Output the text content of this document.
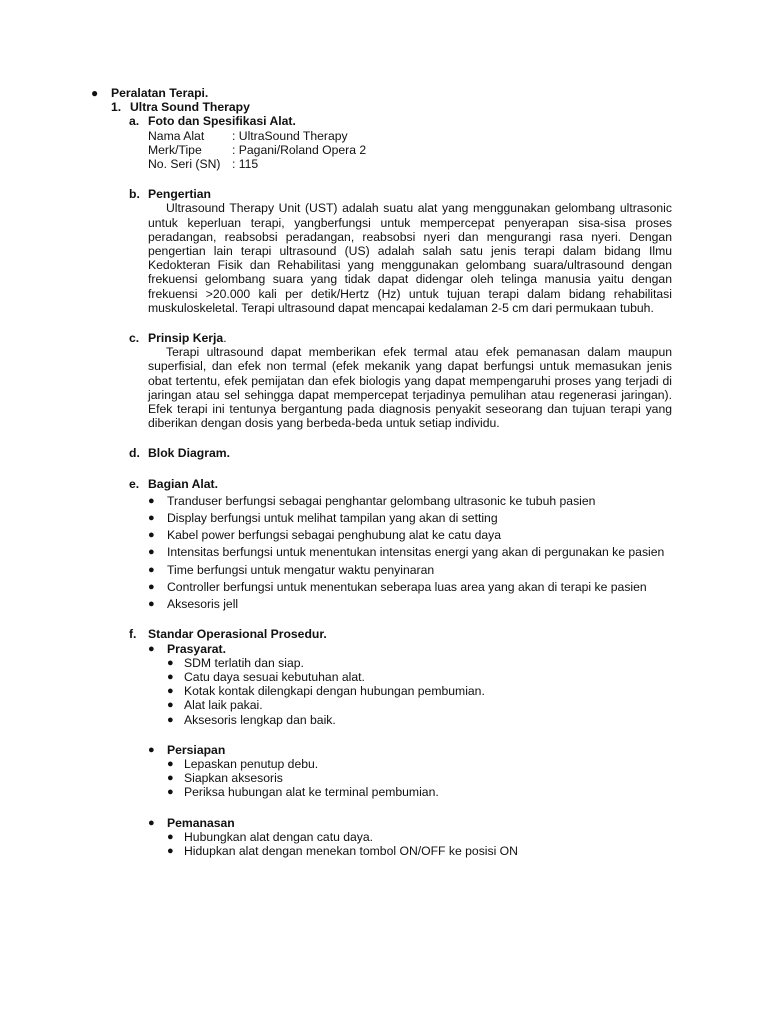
● Peralatan Terapi.
1. Ultra Sound Therapy
a. Foto dan Spesifikasi Alat.
Nama Alat : UltraSound Therapy
Merk/Tipe : Pagani/Roland Opera 2
No. Seri (SN) : 115
b. Pengertian
Ultrasound Therapy Unit (UST) adalah suatu alat yang menggunakan gelombang ultrasonic untuk keperluan terapi, yangberfungsi untuk mempercepat penyerapan sisa-sisa proses peradangan, reabsobsi peradangan, reabsobsi nyeri dan mengurangi rasa nyeri. Dengan pengertian lain terapi ultrasound (US) adalah salah satu jenis terapi dalam bidang Ilmu Kedokteran Fisik dan Rehabilitasi yang menggunakan gelombang suara/ultrasound dengan frekuensi gelombang suara yang tidak dapat didengar oleh telinga manusia yaitu dengan frekuensi >20.000 kali per detik/Hertz (Hz) untuk tujuan terapi dalam bidang rehabilitasi muskuloskeletal. Terapi ultrasound dapat mencapai kedalaman 2-5 cm dari permukaan tubuh.
c. Prinsip Kerja.
Terapi ultrasound dapat memberikan efek termal atau efek pemanasan dalam maupun superfisial, dan efek non termal (efek mekanik yang dapat berfungsi untuk memasukan jenis obat tertentu, efek pemijatan dan efek biologis yang dapat mempengaruhi proses yang terjadi di jaringan atau sel sehingga dapat mempercepat terjadinya pemulihan atau regenerasi jaringan). Efek terapi ini tentunya bergantung pada diagnosis penyakit seseorang dan tujuan terapi yang diberikan dengan dosis yang berbeda-beda untuk setiap individu.
d. Blok Diagram.
e. Bagian Alat.
● Tranduser berfungsi sebagai penghantar gelombang ultrasonic ke tubuh pasien
● Display berfungsi untuk melihat tampilan yang akan di setting
● Kabel power berfungsi sebagai penghubung alat ke catu daya
● Intensitas berfungsi untuk menentukan intensitas energi yang akan di pergunakan ke pasien
● Time berfungsi untuk mengatur waktu penyinaran
● Controller berfungsi untuk menentukan seberapa luas area yang akan di terapi ke pasien
● Aksesoris jell
f. Standar Operasional Prosedur.
● Prasyarat.
● SDM terlatih dan siap.
● Catu daya sesuai kebutuhan alat.
● Kotak kontak dilengkapi dengan hubungan pembumian.
● Alat laik pakai.
● Aksesoris lengkap dan baik.
● Persiapan
● Lepaskan penutup debu.
● Siapkan aksesoris
● Periksa hubungan alat ke terminal pembumian.
● Pemanasan
● Hubungkan alat dengan catu daya.
● Hidupkan alat dengan menekan tombol ON/OFF ke posisi ON
